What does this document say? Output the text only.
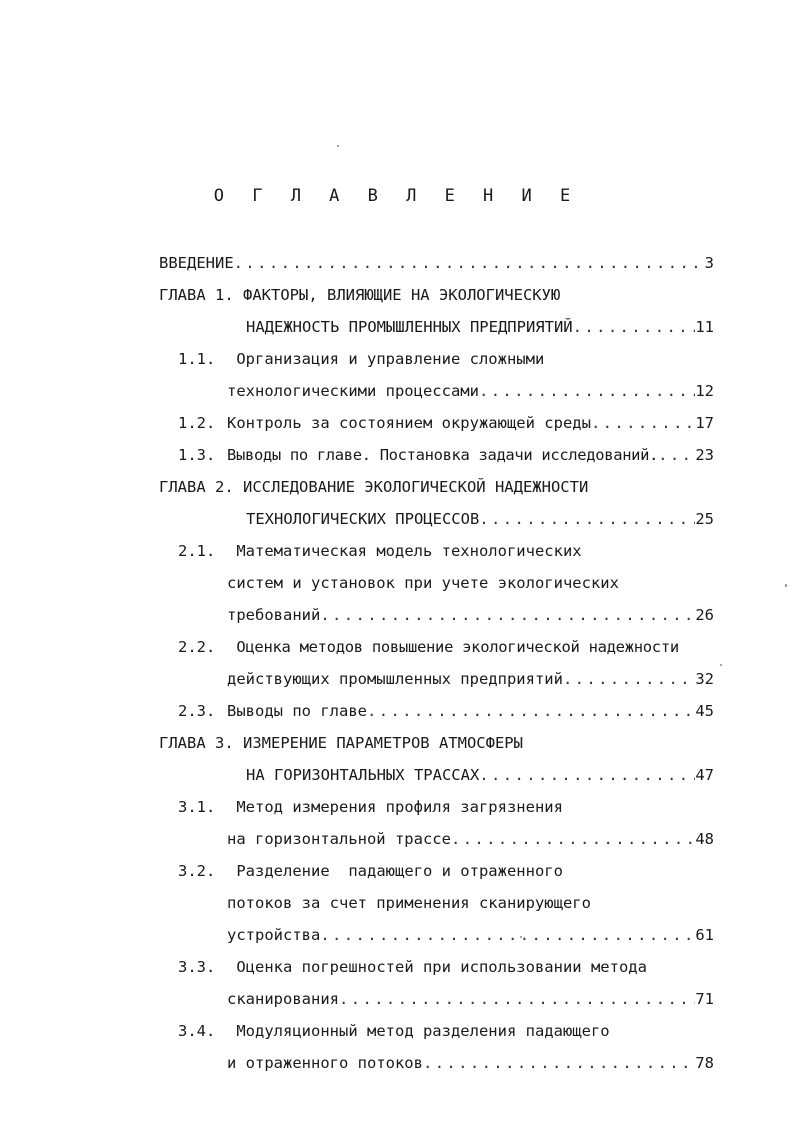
О Г Л А В Л Е Н И Е
ВВЕДЕНИЕ .....	3
ГЛАВА 1. ФАКТОРЫ, ВЛИЯЮЩИЕ НА ЭКОЛОГИЧЕСКУЮ
НАДЕЖНОСТЬ ПРОМЫШЛЕННЫХ ПРЕДПРИЯТИЙ .....	11
1.1. Организация и управление сложными
технологическими процессами .....	12
1.2. Контроль за состоянием окружающей среды .....	17
1.3. Выводы по главе. Постановка задачи исследований. ..... 23
ГЛАВА 2. ИССЛЕДОВАНИЕ ЭКОЛОГИЧЕСКОЙ НАДЕЖНОСТИ
ТЕХНОЛОГИЧЕСКИХ ПРОЦЕССОВ .....	25
2.1. Математическая модель технологических
систем и установок при учете экологических
требований .....	26
2.2. Оценка методов повышение экологической надежности
действующих промышленных предприятий .....	32
2.3. Выводы по главе .....	45
ГЛАВА 3. ИЗМЕРЕНИЕ ПАРАМЕТРОВ АТМОСФЕРЫ
НА ГОРИЗОНТАЛЬНЫХ ТРАССАХ .....	47
3.1. Метод измерения профиля загрязнения
на горизонтальной трассе .....	48
3.2. Разделение  падающего и отраженного
потоков за счет применения сканирующего
устройства .....	61
3.3. Оценка погрешностей при использовании метода
сканирования .....	71
3.4. Модуляционный метод разделения падающего
и отраженного потоков .....	78
